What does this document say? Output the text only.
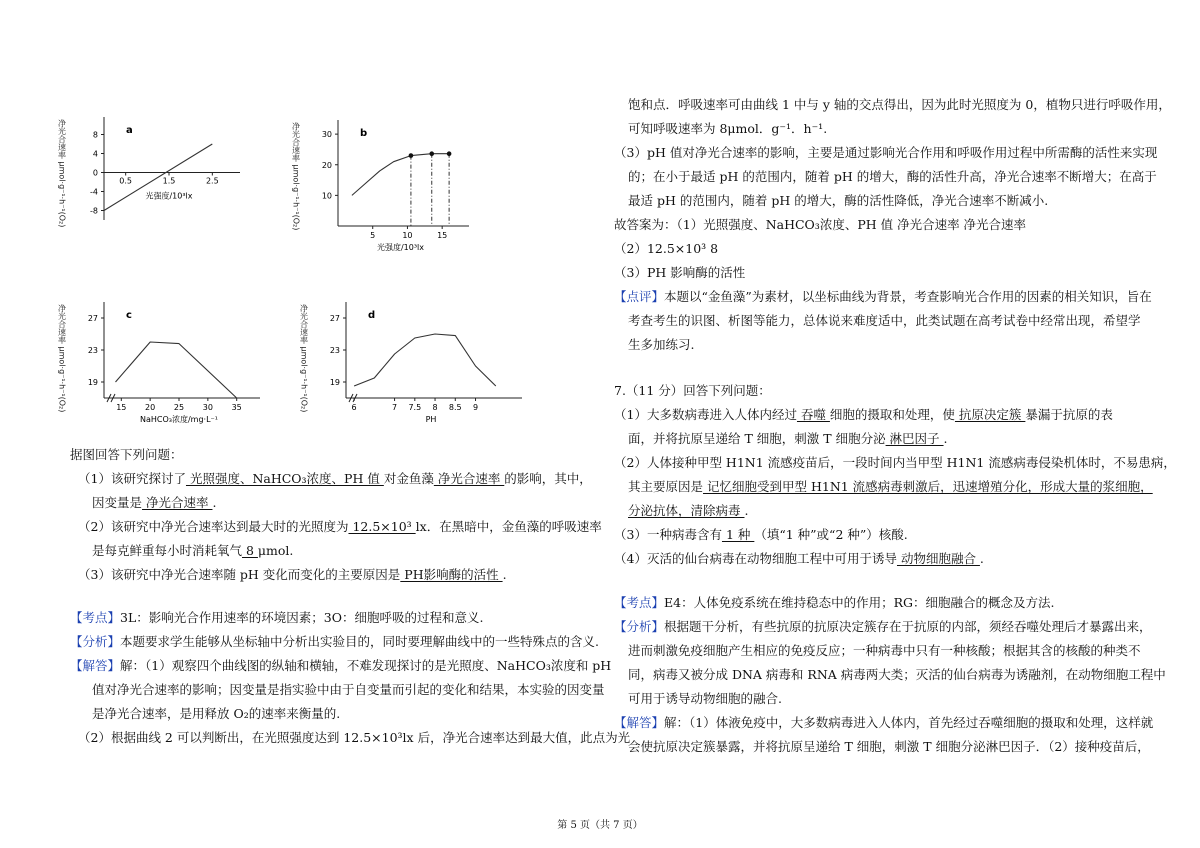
净光合速率 μmol·g⁻¹·h⁻¹(O₂)	a
8
4
0
-4
-8
0.5	1.5	2.5
光强度/10³lx	净光合速率 μmol·g⁻¹·h⁻¹(O₂)	b
30
20
10
5	10	15
光强度/10³lx
净光合速率 μmol·g⁻¹·h⁻¹(O₂)	c
27
23
19
15 20 25 30 35
NaHCO₃浓度/mg·L⁻¹
净光合速率 μmol·g⁻¹·h⁻¹(O₂)	d
27
23
19
6	7 7.5 8 8.5 9
PH
据图回答下列问题：
（1）该研究探讨了 光照强度、NaHCO₃浓度、PH 值 对金鱼藻 净光合速率 的影响，其中，
因变量是 净光合速率 .
（2）该研究中净光合速率达到最大时的光照度为 12.5×10³ lx．在黑暗中，金鱼藻的呼吸速率
是每克鲜重每小时消耗氧气 8 μmol.
（3）该研究中净光合速率随 pH 变化而变化的主要原因是 PH影响酶的活性 .
【考点】3L：影响光合作用速率的环境因素；3O：细胞呼吸的过程和意义.
【分析】本题要求学生能够从坐标轴中分析出实验目的，同时要理解曲线中的一些特殊点的含义.
【解答】解：（1）观察四个曲线图的纵轴和横轴，不难发现探讨的是光照度、NaHCO₃浓度和 pH
值对净光合速率的影响；因变量是指实验中由于自变量而引起的变化和结果，本实验的因变量
是净光合速率，是用释放 O₂的速率来衡量的.
（2）根据曲线 2 可以判断出，在光照强度达到 12.5×10³lx 后，净光合速率达到最大值，此点为光
饱和点．呼吸速率可由曲线 1 中与 y 轴的交点得出，因为此时光照度为 0，植物只进行呼吸作用，
可知呼吸速率为 8μmol．g⁻¹．h⁻¹.
（3）pH 值对净光合速率的影响，主要是通过影响光合作用和呼吸作用过程中所需酶的活性来实现
的；在小于最适 pH 的范围内，随着 pH 的增大，酶的活性升高，净光合速率不断增大；在高于
最适 pH 的范围内，随着 pH 的增大，酶的活性降低，净光合速率不断减小.
故答案为：（1）光照强度、NaHCO₃浓度、PH 值 净光合速率 净光合速率
（2）12.5×10³ 8
（3）PH 影响酶的活性
【点评】本题以“金鱼藻”为素材，以坐标曲线为背景，考查影响光合作用的因素的相关知识，旨在
考查考生的识图、析图等能力，总体说来难度适中，此类试题在高考试卷中经常出现，希望学
生多加练习.
7.（11 分）回答下列问题：
（1）大多数病毒进入人体内经过 吞噬 细胞的摄取和处理，使 抗原决定簇 暴漏于抗原的表
面，并将抗原呈递给 T 细胞，刺激 T 细胞分泌 淋巴因子 .
（2）人体接种甲型 H1N1 流感疫苗后，一段时间内当甲型 H1N1 流感病毒侵染机体时，不易患病，
其主要原因是 记忆细胞受到甲型 H1N1 流感病毒刺激后，迅速增殖分化，形成大量的浆细胞，
分泌抗体，清除病毒 .
（3）一种病毒含有 1 种 （填“1 种”或“2 种”）核酸.
（4）灭活的仙台病毒在动物细胞工程中可用于诱导 动物细胞融合 .
【考点】E4：人体免疫系统在维持稳态中的作用；RG：细胞融合的概念及方法.
【分析】根据题干分析，有些抗原的抗原决定簇存在于抗原的内部，须经吞噬处理后才暴露出来，
进而刺激免疫细胞产生相应的免疫反应；一种病毒中只有一种核酸；根据其含的核酸的种类不
同，病毒又被分成 DNA 病毒和 RNA 病毒两大类；灭活的仙台病毒为诱融剂，在动物细胞工程中
可用于诱导动物细胞的融合.
【解答】解：（1）体液免疫中，大多数病毒进入人体内，首先经过吞噬细胞的摄取和处理，这样就
会使抗原决定簇暴露，并将抗原呈递给 T 细胞，刺激 T 细胞分泌淋巴因子．（2）接种疫苗后，
第 5 页（共 7 页）
